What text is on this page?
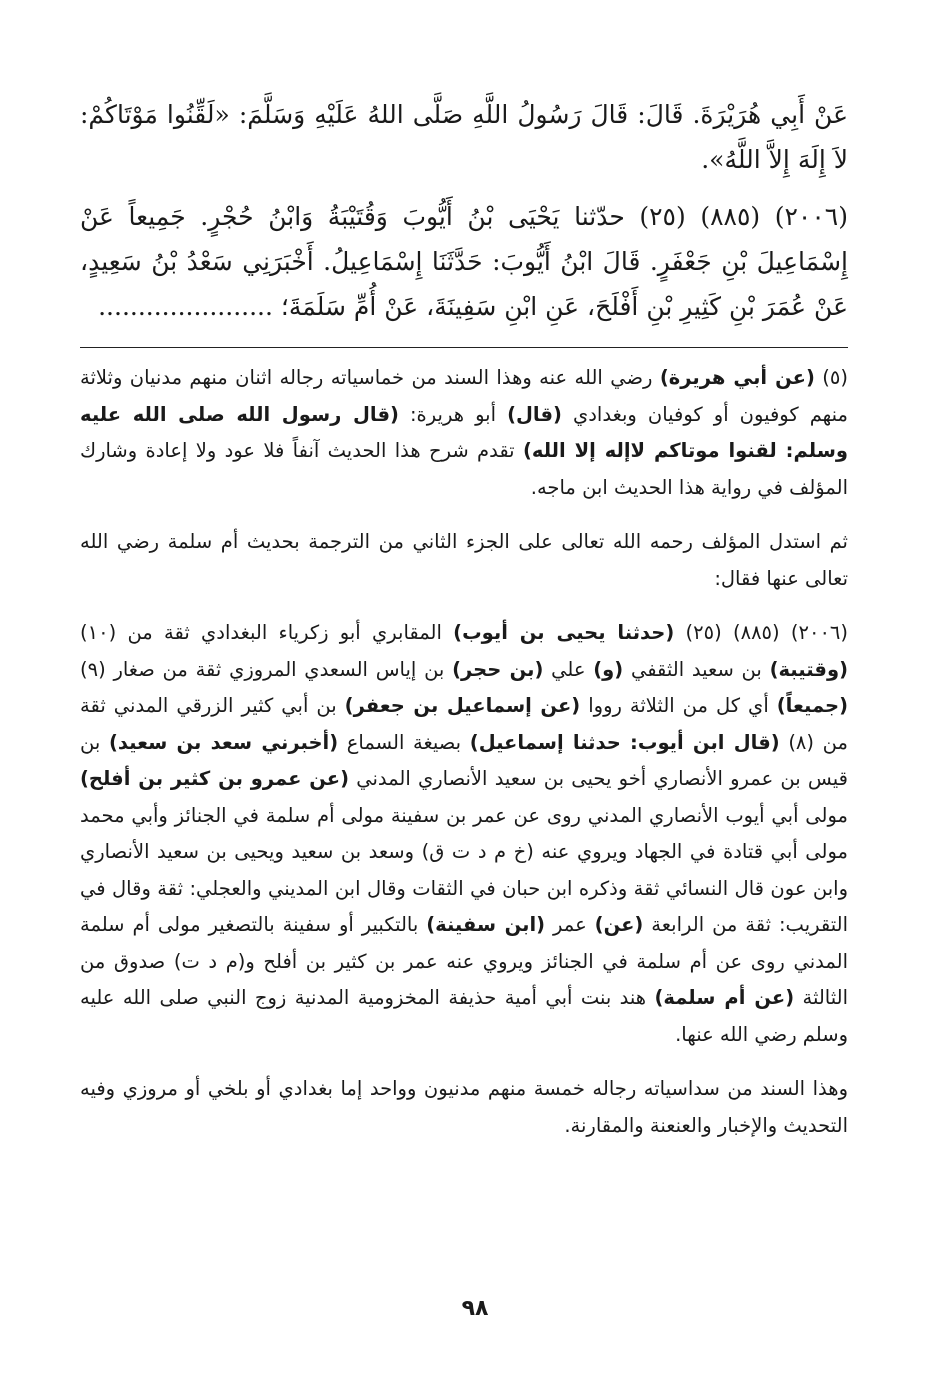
عَنْ أَبِي هُرَيْرَةَ. قَالَ: قَالَ رَسُولُ اللَّهِ صَلَّى اللهُ عَلَيْهِ وَسَلَّمَ: «لَقِّنُوا مَوْتَاكُمْ: لاَ إِلَهَ إِلاَّ اللَّهُ».

(٢٠٠٦) (٨٨٥) (٢٥) حدّثنا يَحْيَى بْنُ أَيُّوبَ وَقُتَيْبَةُ وَابْنُ حُجْرٍ. جَمِيعاً عَنْ إِسْمَاعِيلَ بْنِ جَعْفَرٍ. قَالَ ابْنُ أَيُّوبَ: حَدَّثَنَا إِسْمَاعِيلُ. أَخْبَرَنِي سَعْدُ بْنُ سَعِيدٍ، عَنْ عُمَرَ بْنِ كَثِيرِ بْنِ أَفْلَحَ، عَنِ ابْنِ سَفِينَةَ، عَنْ أُمِّ سَلَمَةَ؛ ......................

(٥) (عن أبي هريرة) رضي الله عنه وهذا السند من خماسياته رجاله اثنان منهم مدنيان وثلاثة منهم كوفيون أو كوفيان وبغدادي (قال) أبو هريرة: (قال رسول الله صلى الله عليه وسلم: لقنوا موتاكم لاإله إلا الله) تقدم شرح هذا الحديث آنفاً فلا عود ولا إعادة وشارك المؤلف في رواية هذا الحديث ابن ماجه.

ثم استدل المؤلف رحمه الله تعالى على الجزء الثاني من الترجمة بحديث أم سلمة رضي الله تعالى عنها فقال:

(٢٠٠٦) (٨٨٥) (٢٥) (حدثنا يحيى بن أيوب) المقابري أبو زكرياء البغدادي ثقة من (١٠) (وقتيبة) بن سعيد الثقفي (و) علي (بن حجر) بن إياس السعدي المروزي ثقة من صغار (٩) (جميعاً) أي كل من الثلاثة رووا (عن إسماعيل بن جعفر) بن أبي كثير الزرقي المدني ثقة من (٨) (قال ابن أيوب: حدثنا إسماعيل) بصيغة السماع (أخبرني سعد بن سعيد) بن قيس بن عمرو الأنصاري أخو يحيى بن سعيد الأنصاري المدني (عن عمرو بن كثير بن أفلح) مولى أبي أيوب الأنصاري المدني روى عن عمر بن سفينة مولى أم سلمة في الجنائز وأبي محمد مولى أبي قتادة في الجهاد ويروي عنه (خ م د ت ق) وسعد بن سعيد ويحيى بن سعيد الأنصاري وابن عون قال النسائي ثقة وذكره ابن حبان في الثقات وقال ابن المديني والعجلي: ثقة وقال في التقريب: ثقة من الرابعة (عن) عمر (ابن سفينة) بالتكبير أو سفينة بالتصغير مولى أم سلمة المدني روى عن أم سلمة في الجنائز ويروي عنه عمر بن كثير بن أفلح و(م د ت) صدوق من الثالثة (عن أم سلمة) هند بنت أبي أمية حذيفة المخزومية المدنية زوج النبي صلى الله عليه وسلم رضي الله عنها.

وهذا السند من سداسياته رجاله خمسة منهم مدنيون وواحد إما بغدادي أو بلخي أو مروزي وفيه التحديث والإخبار والعنعنة والمقارنة.

٩٨
